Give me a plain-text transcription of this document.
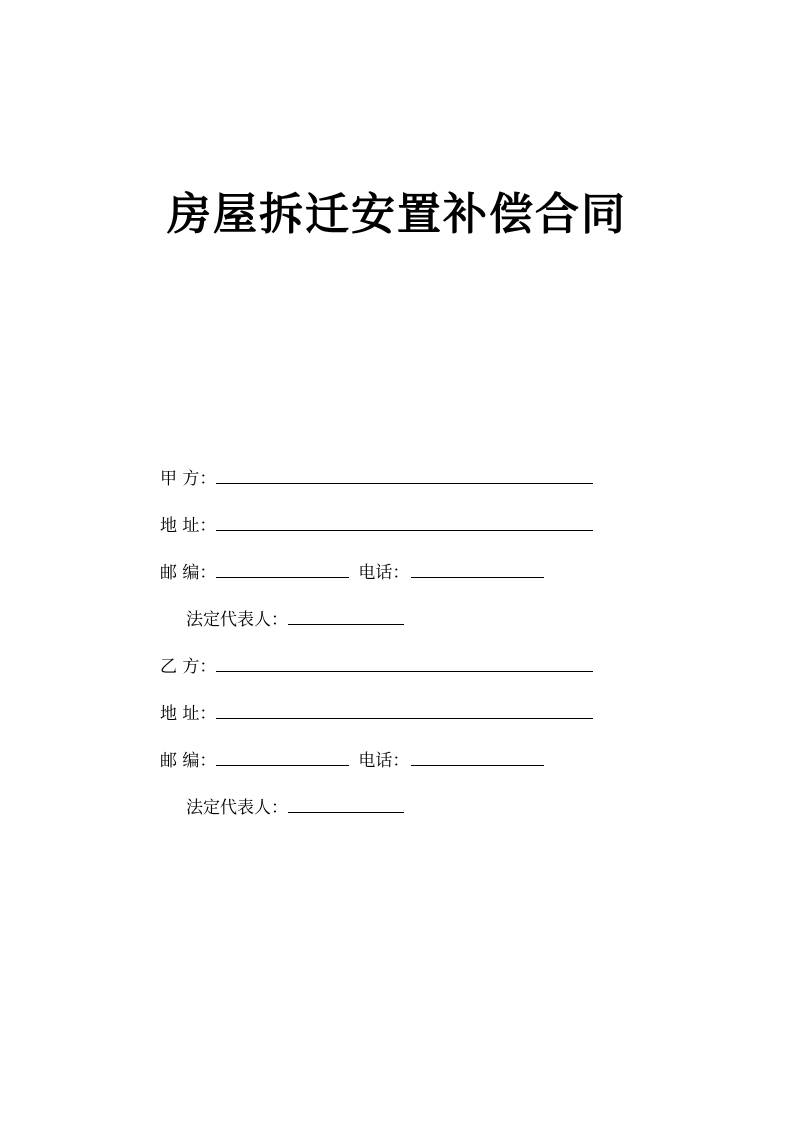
房屋拆迁安置补偿合同
甲 方：
地 址：
邮 编：	电话：
法定代表人：
乙 方：
地 址：
邮 编：	电话：
法定代表人：
